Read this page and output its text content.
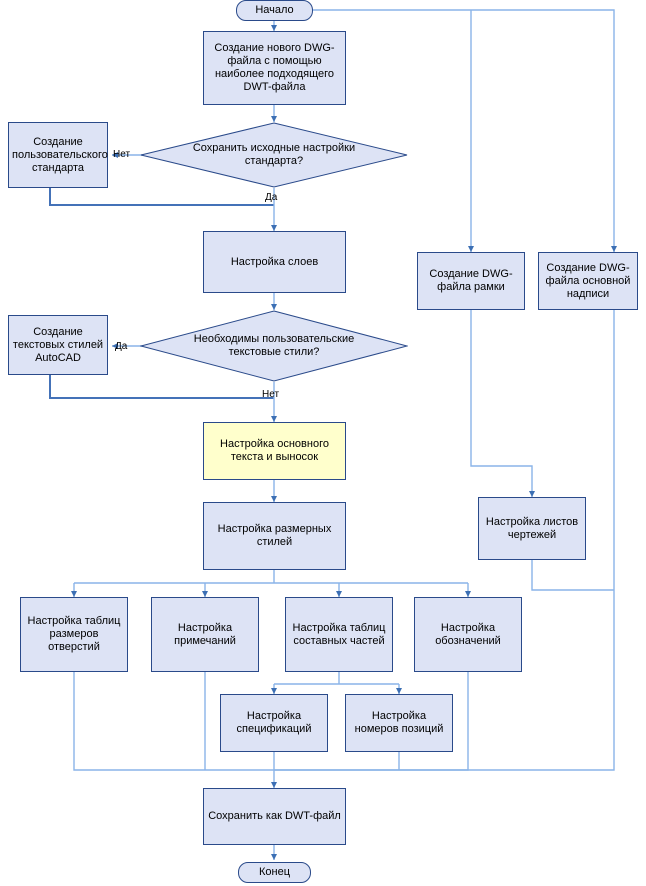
Начало
Создание нового DWG-файла с помощью наиболее подходящего DWT-файла
Сохранить исходные настройки стандарта?
Нет
Да
Создание пользовательского стандарта
Настройка слоев
Необходимы пользовательские текстовые стили?
Да
Нет
Создание текстовых стилей AutoCAD
Настройка основного текста и выносок
Настройка размерных стилей
Создание DWG-файла рамки
Создание DWG-файла основной надписи
Настройка листов чертежей
Настройка таблиц размеров отверстий
Настройка примечаний
Настройка таблиц составных частей
Настройка обозначений
Настройка спецификаций
Настройка номеров позиций
Сохранить как DWT-файл
Конец
